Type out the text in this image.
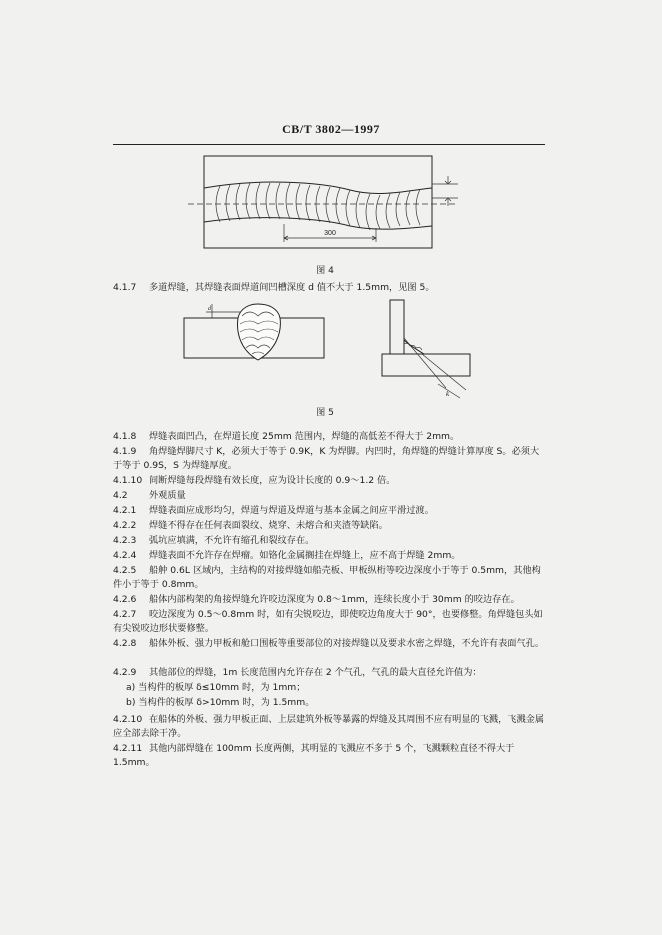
CB/T 3802—1997
300
图 4
4.1.7 多道焊缝，其焊缝表面焊道间凹槽深度 d 值不大于 1.5mm，见图 5。
d
k
图 5
4.1.8 焊缝表面凹凸，在焊道长度 25mm 范围内，焊缝的高低差不得大于 2mm。
4.1.9 角焊缝焊脚尺寸 K，必须大于等于 0.9K，K 为焊脚。内凹时，角焊缝的焊缝计算厚度 S。必须大于等于 0.9S，S 为焊缝厚度。
4.1.10 间断焊缝每段焊缝有效长度，应为设计长度的 0.9～1.2 倍。
4.2 外观质量
4.2.1 焊缝表面应成形均匀，焊道与焊道及焊道与基本金属之间应平滑过渡。
4.2.2 焊缝不得存在任何表面裂纹、烧穿、未熔合和夹渣等缺陷。
4.2.3 弧坑应填满，不允许有缩孔和裂纹存在。
4.2.4 焊缝表面不允许存在焊瘤。如铬化金属搁挂在焊缝上，应不高于焊缝 2mm。
4.2.5 船舯 0.6L 区域内，主结构的对接焊缝如船壳板、甲板纵桁等咬边深度小于等于 0.5mm，其他构件小于等于 0.8mm。
4.2.6 船体内部构架的角接焊缝允许咬边深度为 0.8～1mm，连续长度小于 30mm 的咬边存在。
4.2.7 咬边深度为 0.5～0.8mm 时，如有尖锐咬边，即使咬边角度大于 90°，也要修整。角焊缝包头如有尖锐咬边形状要修整。
4.2.8 船体外板、强力甲板和舱口围板等重要部位的对接焊缝以及要求水密之焊缝，不允许有表面气孔。
4.2.9 其他部位的焊缝，1m 长度范围内允许存在 2 个气孔，气孔的最大直径允许值为：
a) 当构件的板厚 δ≤10mm 时，为 1mm；
b) 当构件的板厚 δ>10mm 时，为 1.5mm。
4.2.10 在船体的外板、强力甲板正面、上层建筑外板等暴露的焊缝及其周围不应有明显的飞溅，飞溅金属应全部去除干净。
4.2.11 其他内部焊缝在 100mm 长度两侧，其明显的飞溅应不多于 5 个，飞溅颗粒直径不得大于 1.5mm。
